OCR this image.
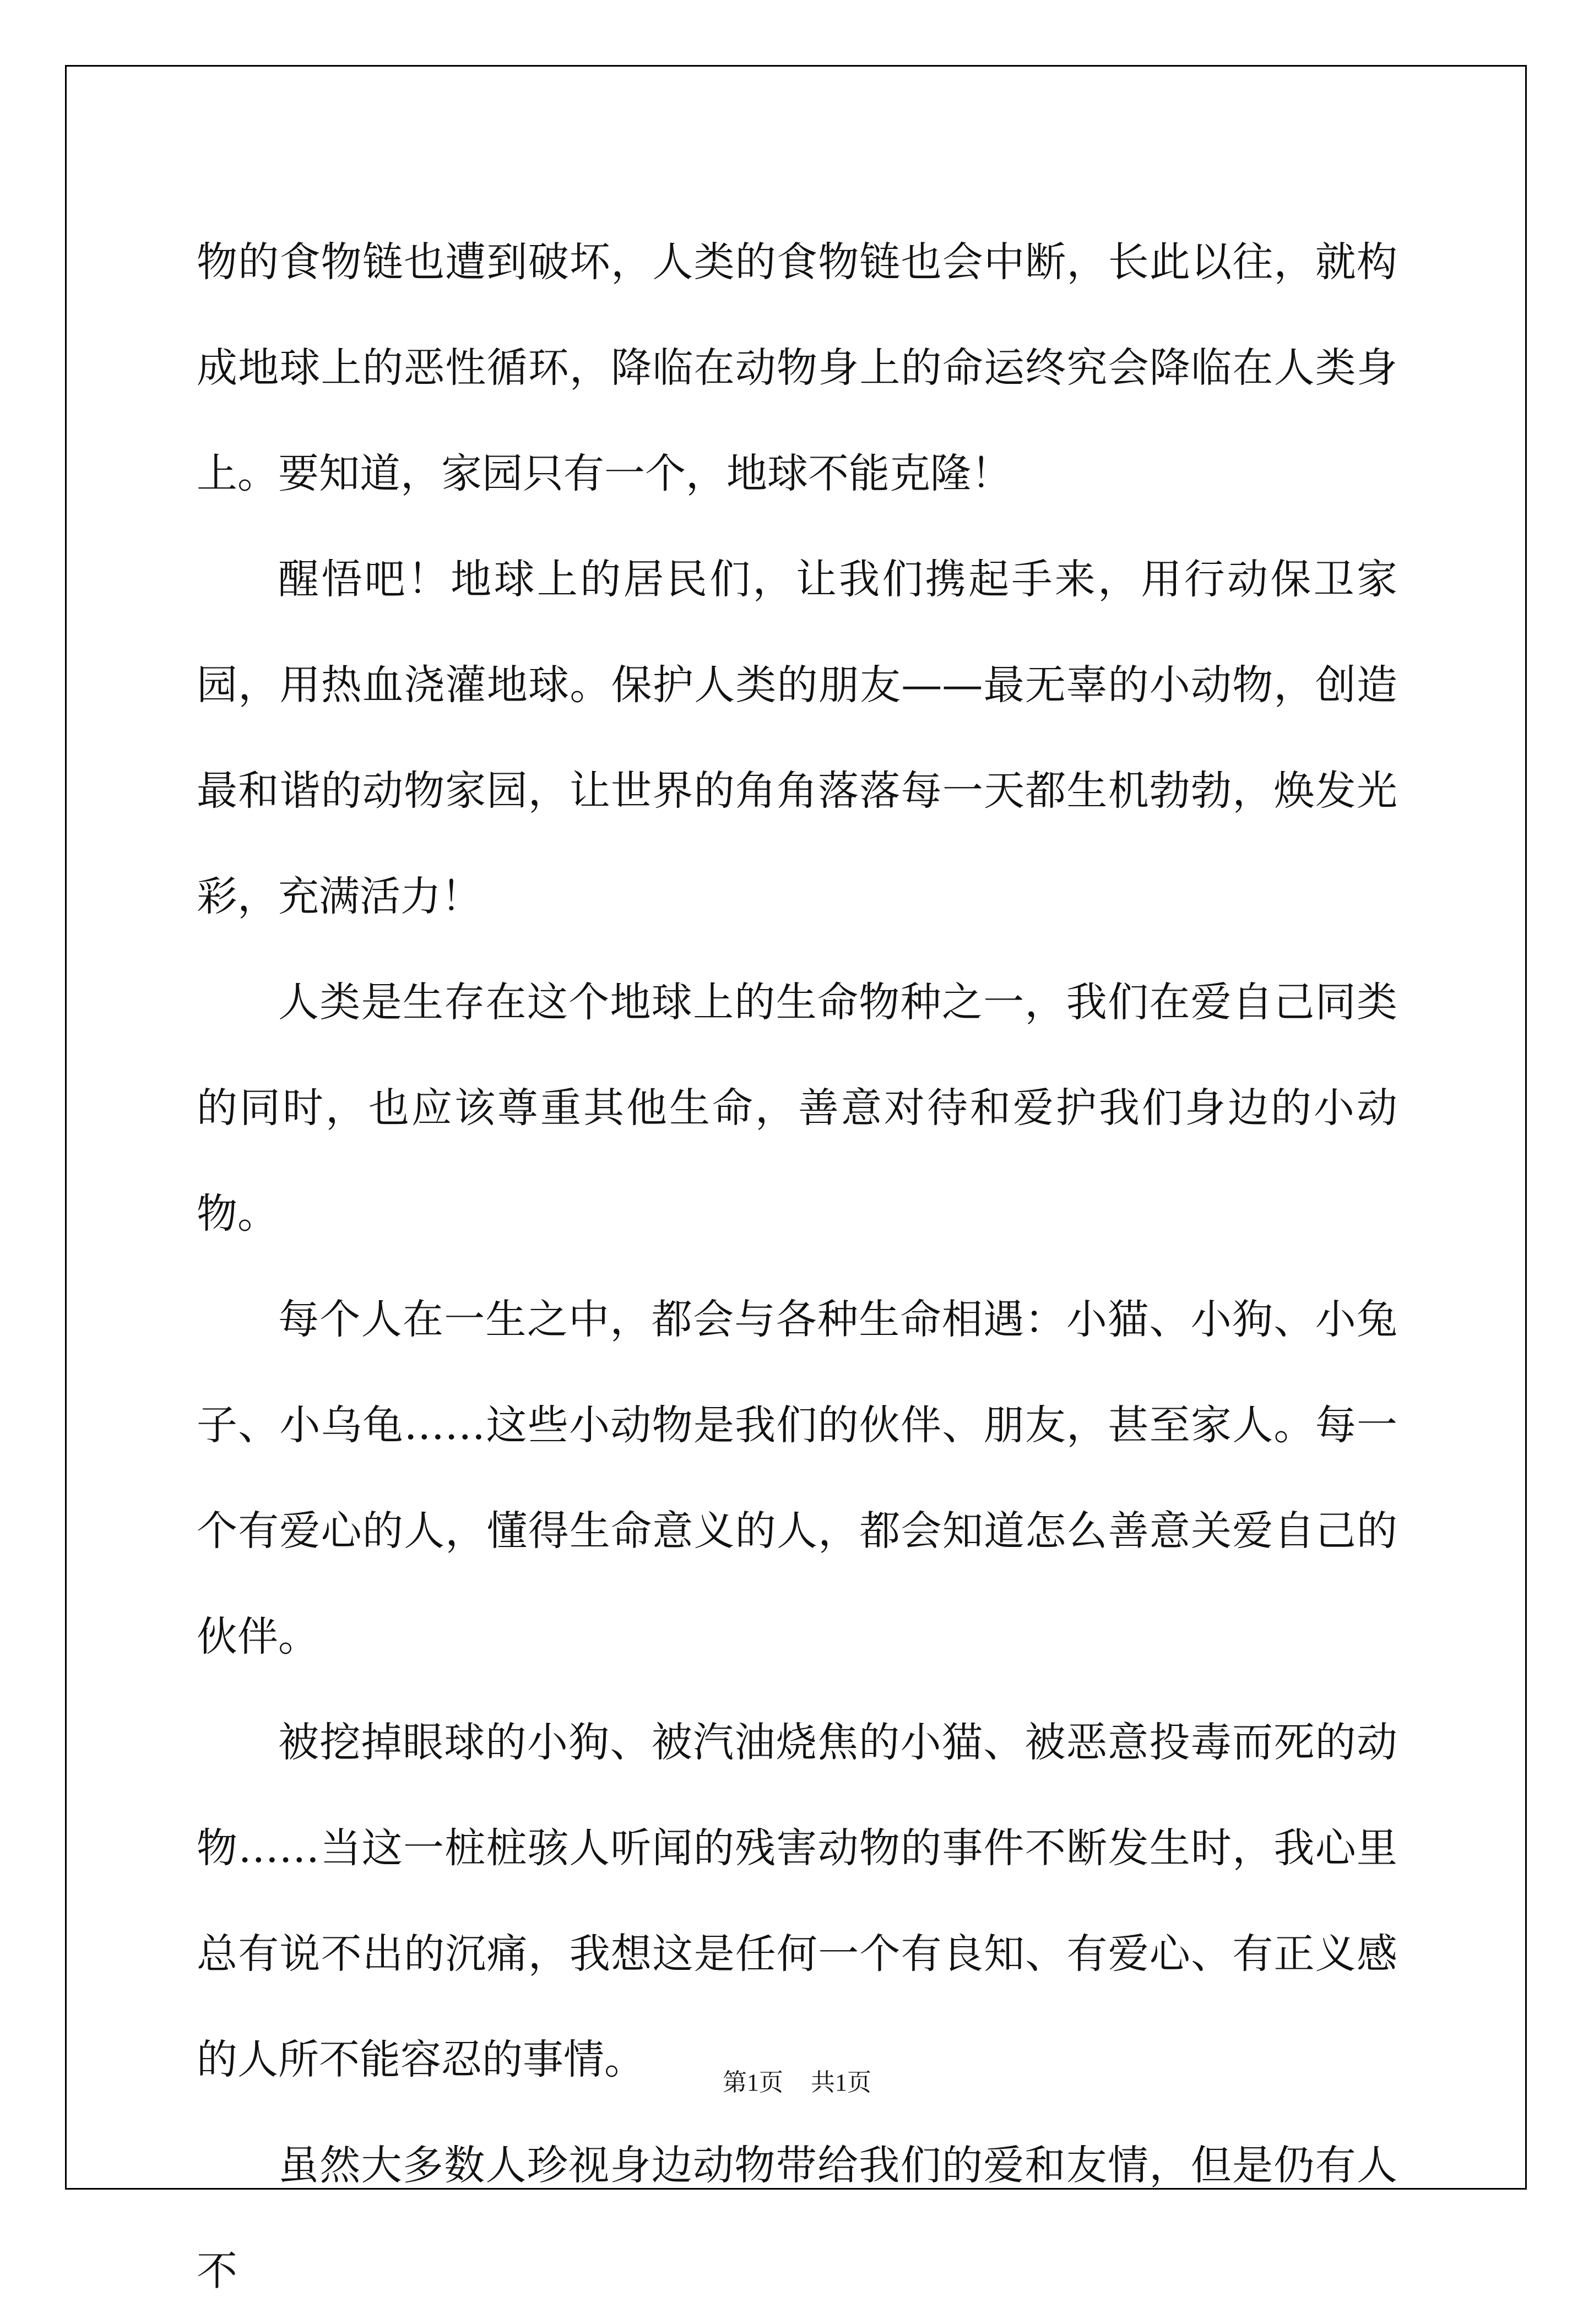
物的食物链也遭到破坏，人类的食物链也会中断，长此以往，就构成地球上的恶性循环，降临在动物身上的命运终究会降临在人类身上。要知道，家园只有一个，地球不能克隆！

醒悟吧！地球上的居民们，让我们携起手来，用行动保卫家园，用热血浇灌地球。保护人类的朋友——最无辜的小动物，创造最和谐的动物家园，让世界的角角落落每一天都生机勃勃，焕发光彩，充满活力！

人类是生存在这个地球上的生命物种之一，我们在爱自己同类的同时，也应该尊重其他生命，善意对待和爱护我们身边的小动物。

每个人在一生之中，都会与各种生命相遇：小猫、小狗、小兔子、小乌龟……这些小动物是我们的伙伴、朋友，甚至家人。每一个有爱心的人，懂得生命意义的人，都会知道怎么善意关爱自己的伙伴。

被挖掉眼球的小狗、被汽油烧焦的小猫、被恶意投毒而死的动物……当这一桩桩骇人听闻的残害动物的事件不断发生时，我心里总有说不出的沉痛，我想这是任何一个有良知、有爱心、有正义感的人所不能容忍的事情。

虽然大多数人珍视身边动物带给我们的爱和友情，但是仍有人不

第1页 共1页
